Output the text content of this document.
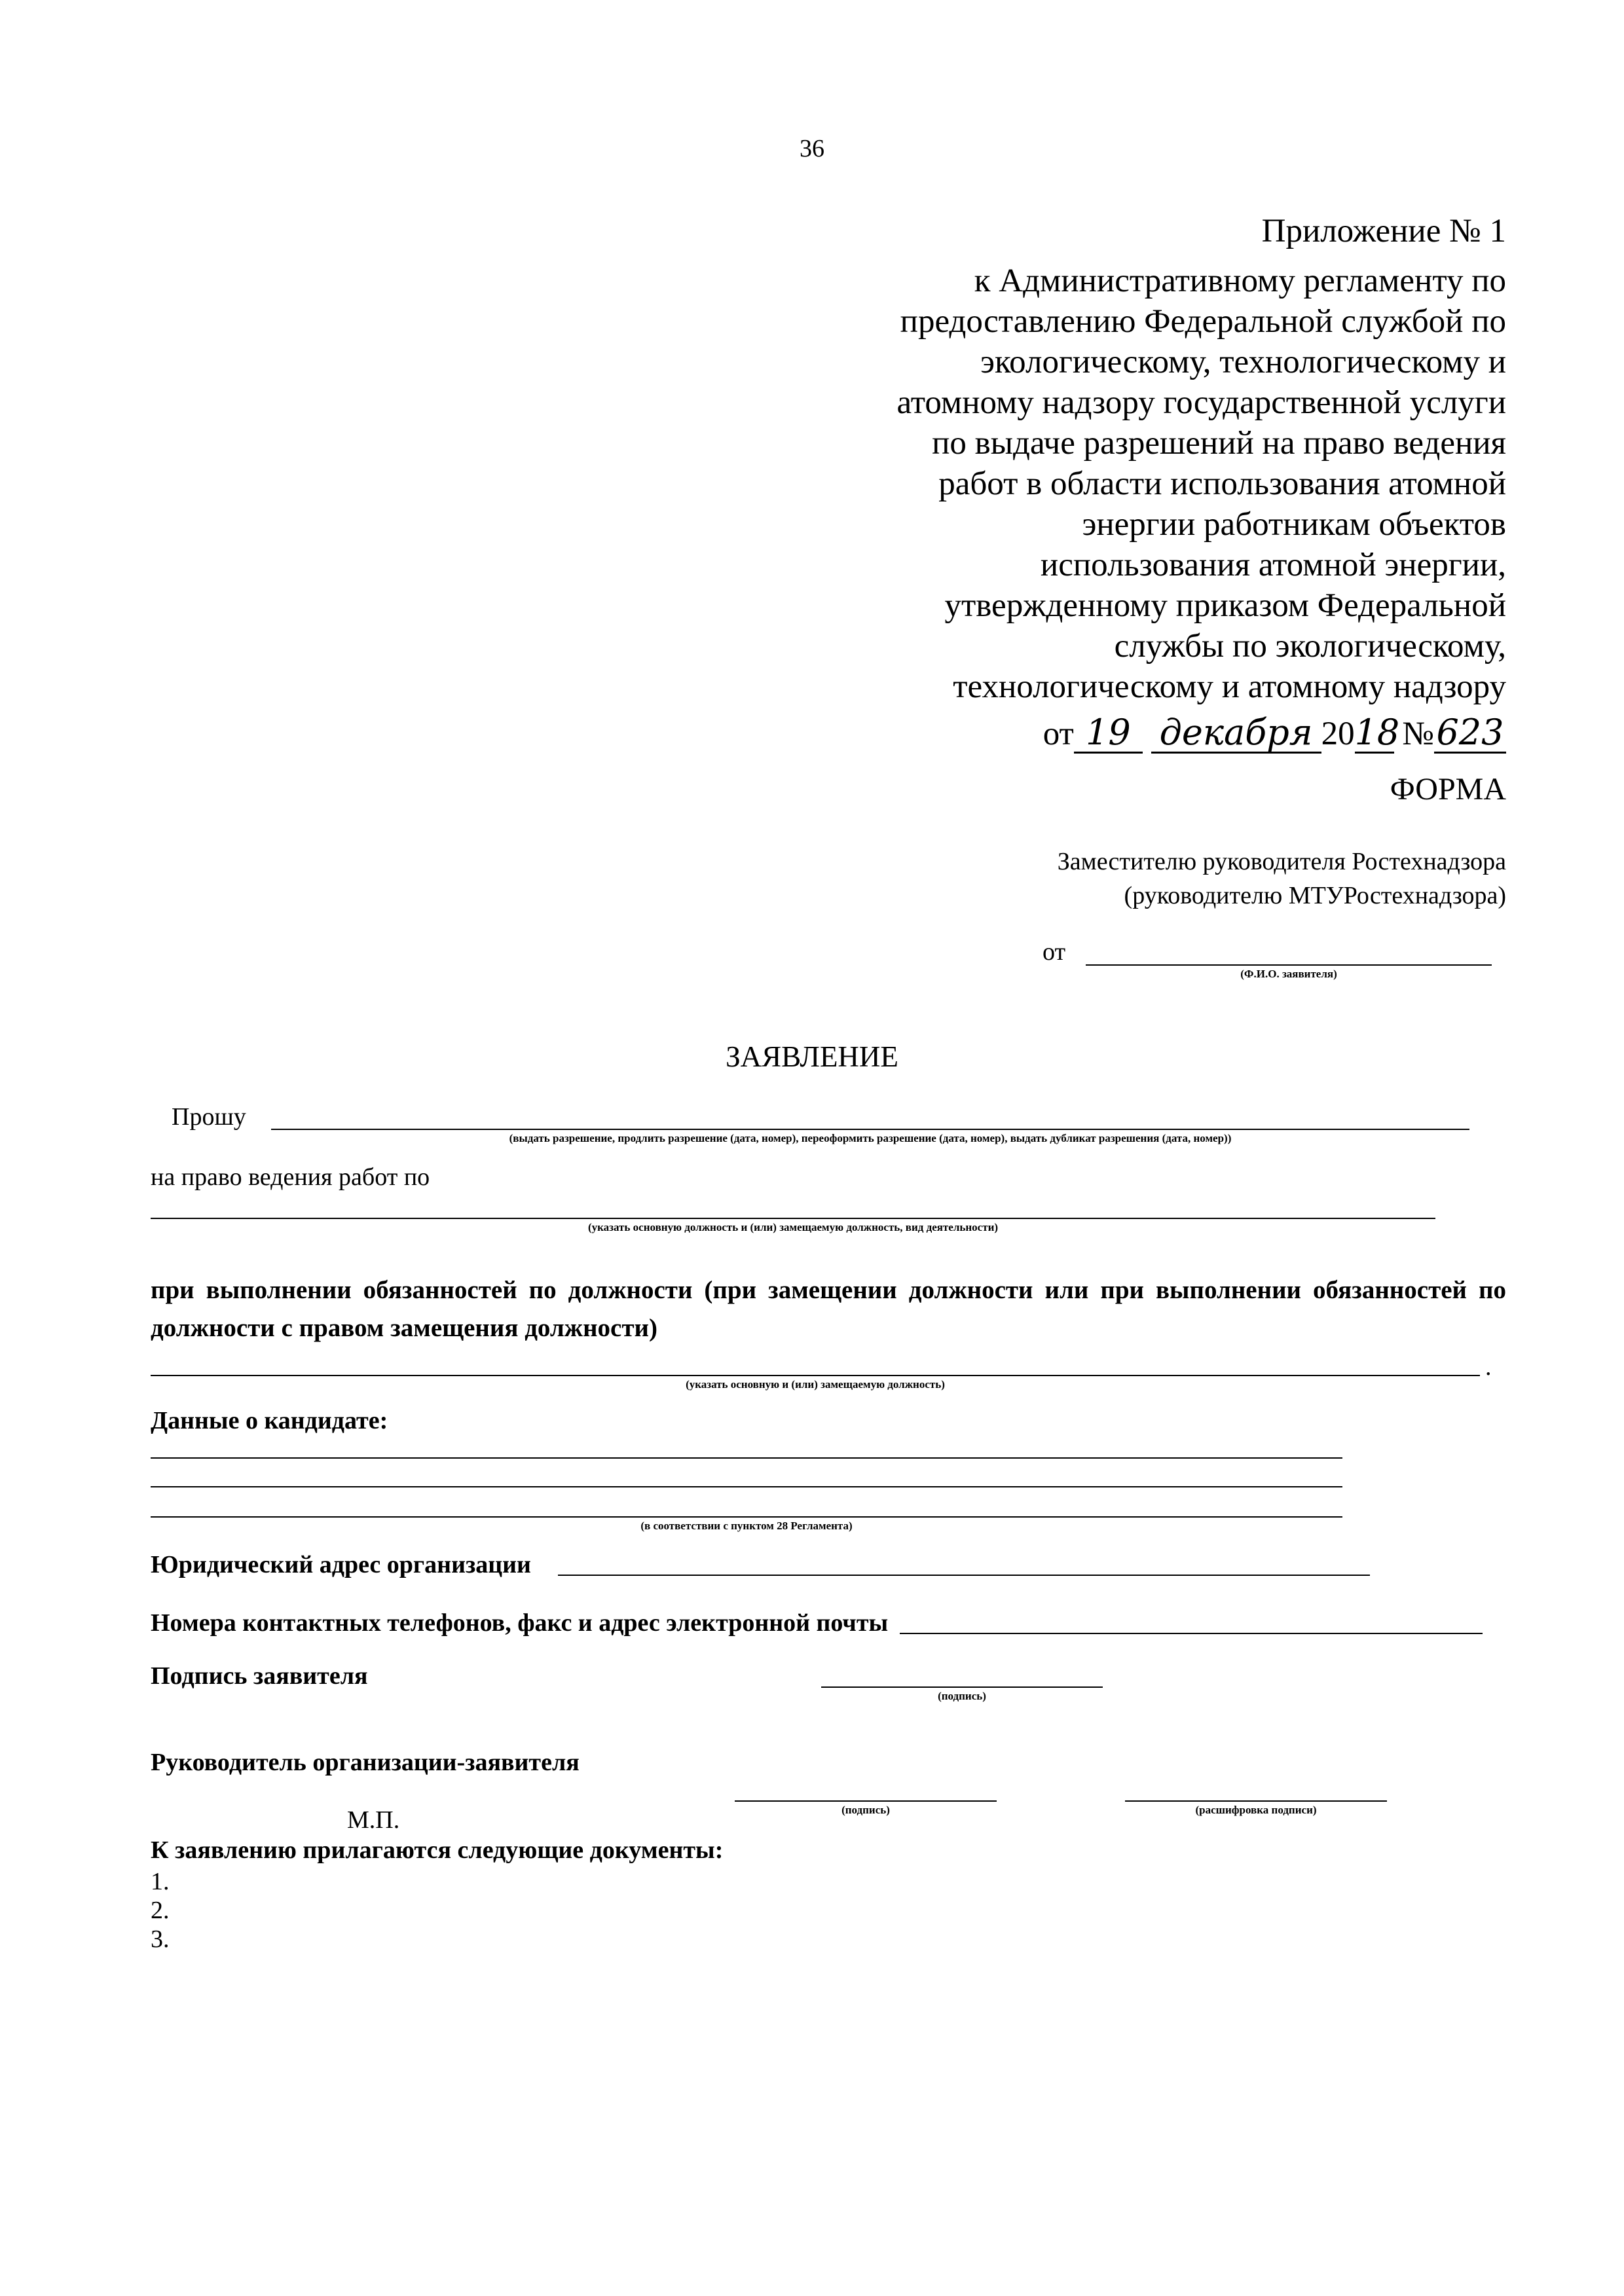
36
Приложение № 1
к Административному регламенту по
предоставлению Федеральной службой по
экологическому, технологическому и
атомному надзору государственной услуги
по выдаче разрешений на право ведения
работ в области использования атомной
энергии работникам объектов
использования атомной энергии,
утвержденному приказом Федеральной
службы по экологическому,
технологическому и атомному надзору
от 19 декабря 2018 №623
ФОРМА
Заместителю руководителя Ростехнадзора
(руководителю МТУРостехнадзора)
от
(Ф.И.О. заявителя)
ЗАЯВЛЕНИЕ
Прошу
(выдать разрешение, продлить разрешение (дата, номер), переоформить разрешение (дата, номер), выдать дубликат разрешения (дата, номер))
на право ведения работ по
(указать основную должность и (или) замещаемую должность, вид деятельности)
при выполнении обязанностей по должности (при замещении должности или при выполнении обязанностей по должности с правом замещения должности)
.
(указать основную и (или) замещаемую должность)
Данные о кандидате:
(в соответствии с пунктом 28 Регламента)
Юридический адрес организации
Номера контактных телефонов, факс и адрес электронной почты
Подпись заявителя
(подпись)
Руководитель организации-заявителя
М.П.	(подпись)	(расшифровка подписи)
К заявлению прилагаются следующие документы:
1.
2.
3.
